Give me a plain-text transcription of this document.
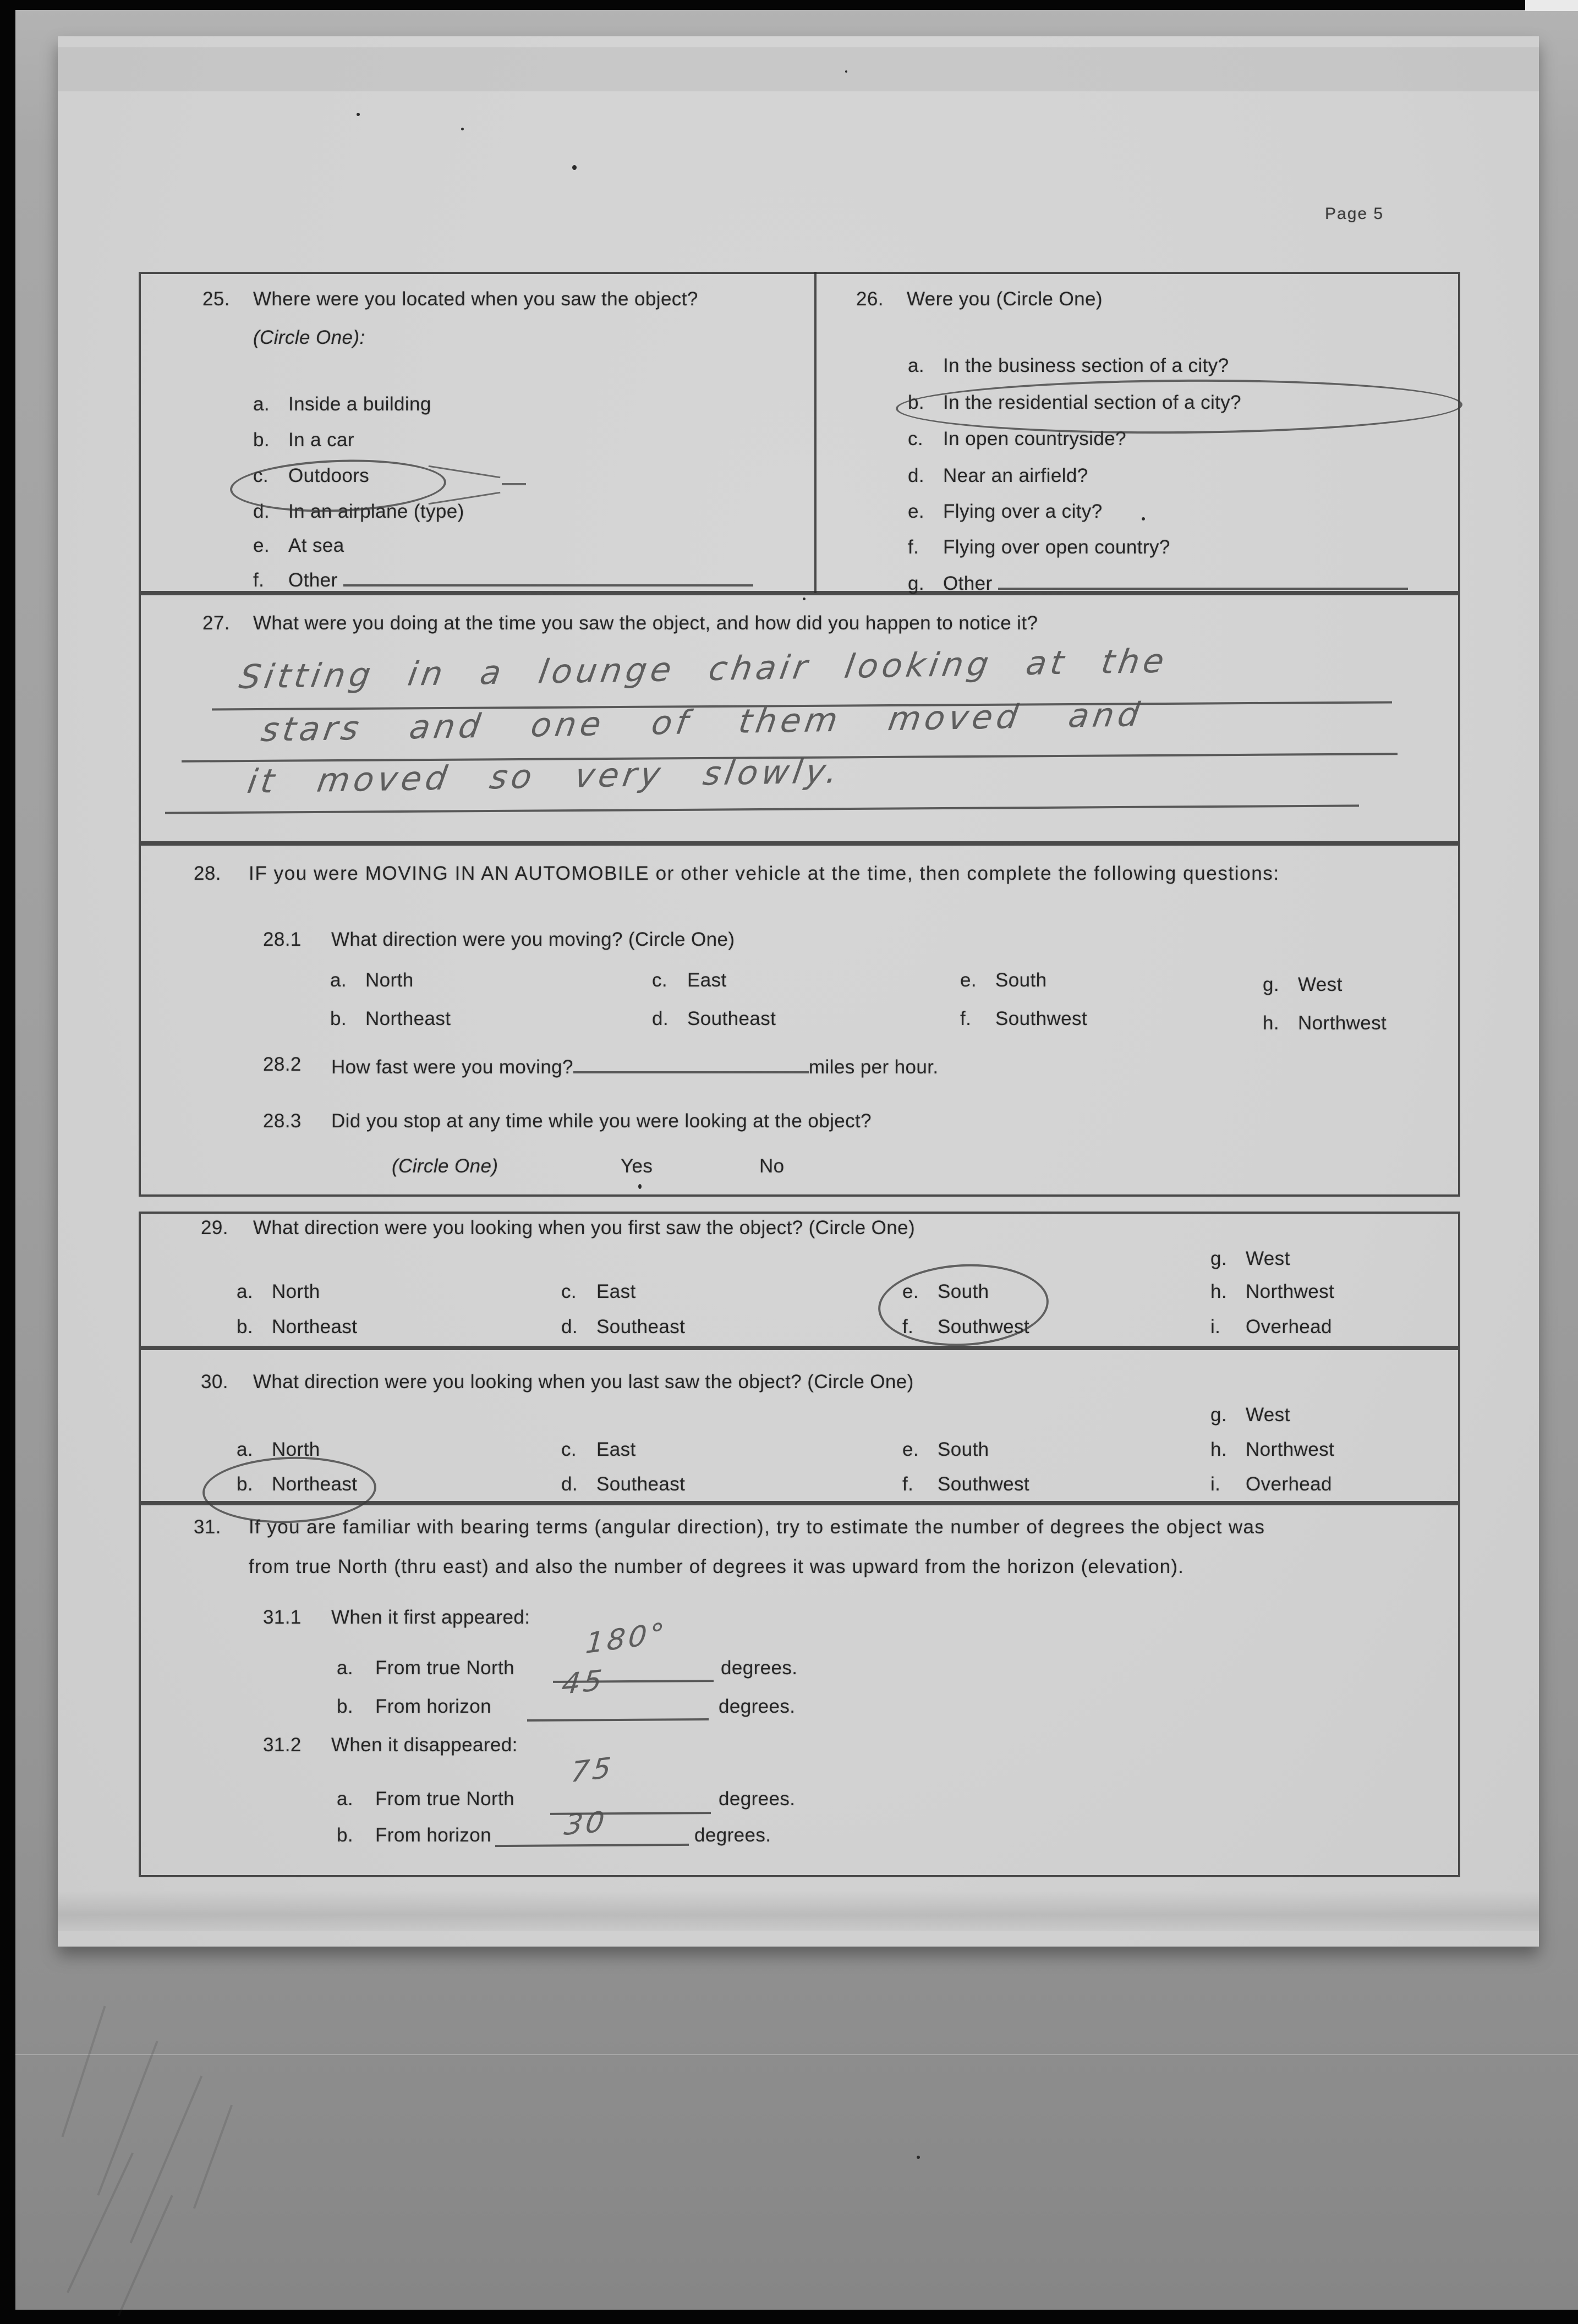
Page 5
25. Where were you located when you saw the object?
(Circle One):
a. Inside a building
b. In a car
c. Outdoors
d. In an airplane (type)
e. At sea
f. Other
26. Were you (Circle One)
a. In the business section of a city?
b. In the residential section of a city?
c. In open countryside?
d. Near an airfield?
e. Flying over a city?
f. Flying over open country?
g. Other
27. What were you doing at the time you saw the object, and how did you happen to notice it?
Sitting in a lounge chair looking at the
stars and one of them moved and
it moved so very slowly.
28. IF you were MOVING IN AN AUTOMOBILE or other vehicle at the time, then complete the following questions:
28.1 What direction were you moving? (Circle One)
a. North	c. East	e. South	g. West
b. Northeast	d. Southeast	f. Southwest	h. Northwest
28.2 How fast were you moving?	miles per hour.
28.3 Did you stop at any time while you were looking at the object?
(Circle One)	Yes	No
29. What direction were you looking when you first saw the object? (Circle One)
g. West
a. North	c. East	e. South	h. Northwest
b. Northeast	d. Southeast	f. Southwest	i. Overhead
30. What direction were you looking when you last saw the object? (Circle One)
g. West
a. North	c. East	e. South	h. Northwest
b. Northeast	d. Southeast	f. Southwest	i. Overhead
31. If you are familiar with bearing terms (angular direction), try to estimate the number of degrees the object was
from true North (thru east) and also the number of degrees it was upward from the horizon (elevation).
31.1 When it first appeared:
a. From true North
180°
degrees.
b. From horizon
45
degrees.
31.2 When it disappeared:
a. From true North
75
degrees.
b. From horizon 30	degrees.
